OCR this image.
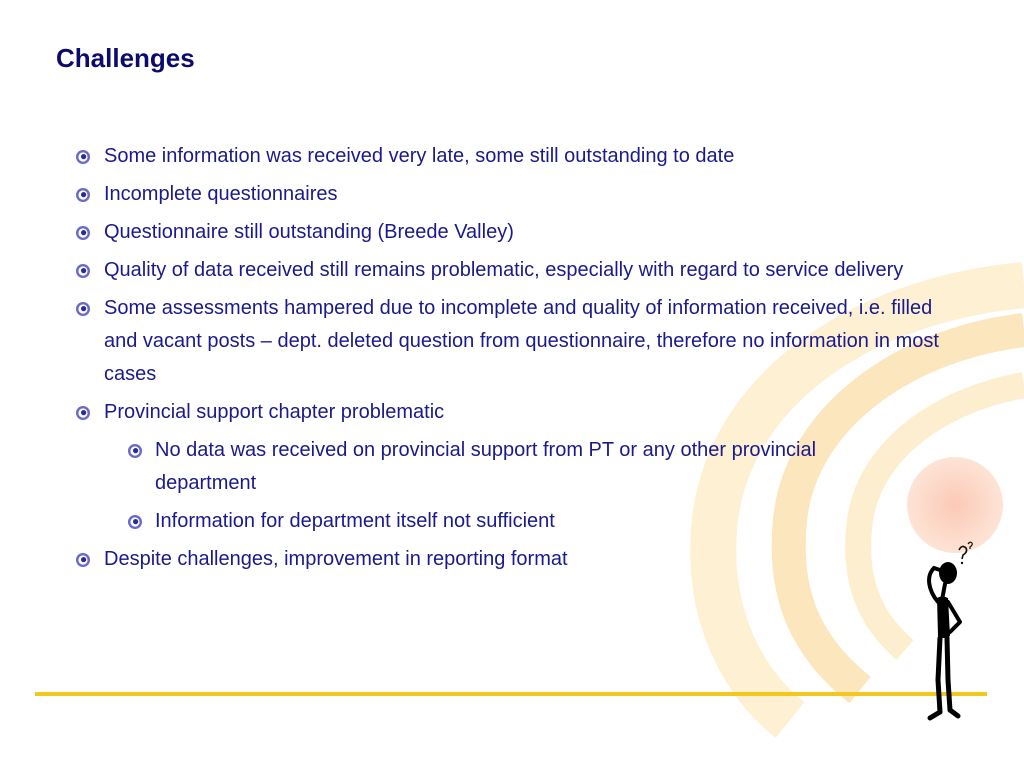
Challenges
Some information was received very late, some still outstanding to date
Incomplete questionnaires
Questionnaire still outstanding (Breede Valley)
Quality of data received still remains problematic, especially with regard to service delivery
Some assessments hampered due to incomplete and quality of information received, i.e. filled and vacant posts – dept. deleted question from questionnaire, therefore no information in most cases
Provincial support chapter problematic
No data was received on provincial support from PT or any other provincial department
Information for department itself not sufficient
Despite challenges, improvement in reporting format
